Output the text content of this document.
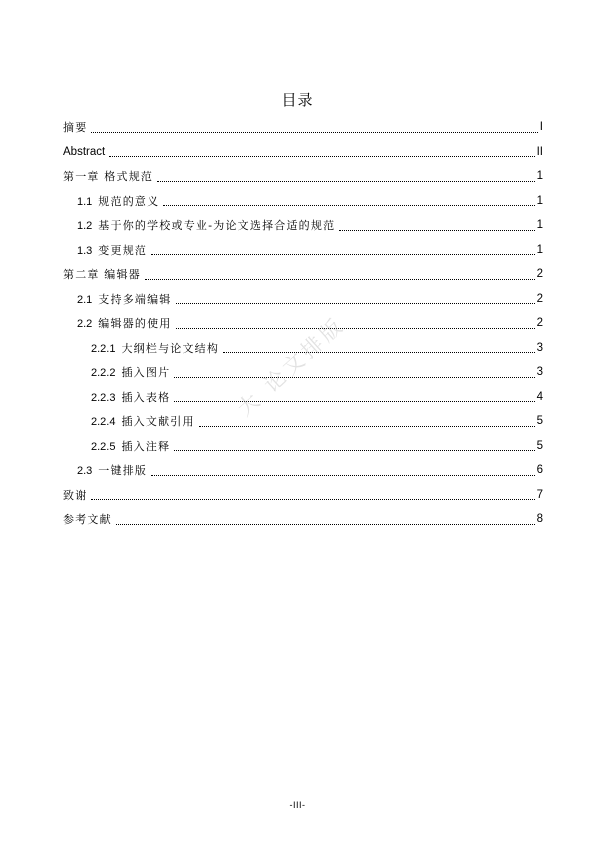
目录
摘要	I
Abstract	II
第一章 格式规范	1
1.1 规范的意义	1
1.2 基于你的学校或专业-为论文选择合适的规范	1
1.3 变更规范	1
第二章 编辑器	2
2.1 支持多端编辑	2
2.2 编辑器的使用	2
2.2.1 大纲栏与论文结构	3
2.2.2 插入图片	3
2.2.3 插入表格	4
2.2.4 插入文献引用	5
2.2.5 插入注释	5
2.3 一键排版	6
致谢	7
参考文献	8
大 论文排版
-III-
